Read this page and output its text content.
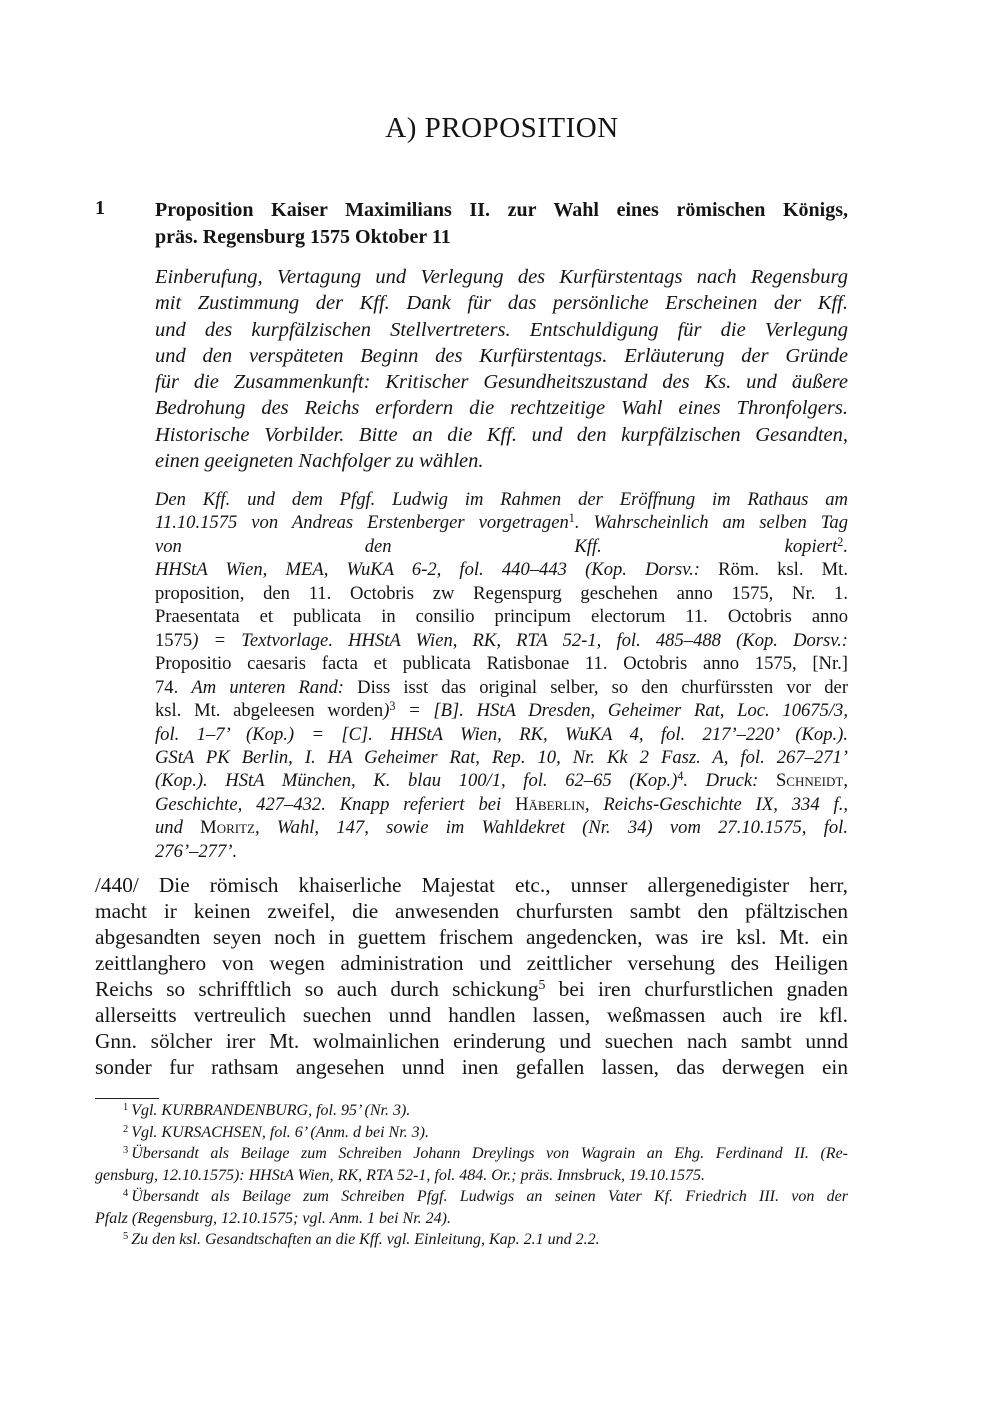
A) PROPOSITION
1	Proposition Kaiser Maximilians II. zur Wahl eines römischen Königs,
präs. Regensburg 1575 Oktober 11
Einberufung, Vertagung und Verlegung des Kurfürstentags nach Regensburg
mit Zustimmung der Kff. Dank für das persönliche Erscheinen der Kff.
und des kurpfälzischen Stellvertreters. Entschuldigung für die Verlegung
und den verspäteten Beginn des Kurfürstentags. Erläuterung der Gründe
für die Zusammenkunft: Kritischer Gesundheitszustand des Ks. und äußere
Bedrohung des Reichs erfordern die rechtzeitige Wahl eines Thronfolgers.
Historische Vorbilder. Bitte an die Kff. und den kurpfälzischen Gesandten,
einen geeigneten Nachfolger zu wählen.
Den Kff. und dem Pfgf. Ludwig im Rahmen der Eröffnung im Rathaus am
11.10.1575 von Andreas Erstenberger vorgetragen$^1$. Wahrscheinlich am selben Tag
von den Kff. kopiert$^2$.
HHStA Wien, MEA, WuKA 6-2, fol. 440–443 (Kop. Dorsv.: Röm. ksl. Mt.
proposition, den 11. Octobris zw Regenspurg geschehen anno 1575, Nr. 1.
Praesentata et publicata in consilio principum electorum 11. Octobris anno
1575) = Textvorlage. HHStA Wien, RK, RTA 52-1, fol. 485–488 (Kop. Dorsv.:
Propositio caesaris facta et publicata Ratisbonae 11. Octobris anno 1575, [Nr.]
74. Am unteren Rand: Diss isst das original selber, so den churfürssten vor der
ksl. Mt. abgeleesen worden)$^3$ = [B]. HStA Dresden, Geheimer Rat, Loc. 10675/3,
fol. 1–7’ (Kop.) = [C]. HHStA Wien, RK, WuKA 4, fol. 217’–220’ (Kop.).
GStA PK Berlin, I. HA Geheimer Rat, Rep. 10, Nr. Kk 2 Fasz. A, fol. 267–271’
(Kop.). HStA München, K. blau 100/1, fol. 62–65 $(Kop.)^4$. Druck: Schneidt,
Geschichte, 427–432. Knapp referiert bei Häberlin, Reichs-Geschichte IX, 334 f.,
und Moritz, Wahl, 147, sowie im Wahldekret (Nr. 34) vom 27.10.1575, fol.
276’–277’.
/440/ Die römisch khaiserliche Majestat etc., unnser allergenedigister herr,
macht ir keinen zweifel, die anwesenden churfursten sambt den pfältzischen
abgesandten seyen noch in guettem frischem angedencken, was ire ksl. Mt. ein
zeittlanghero von wegen administration und zeittlicher versehung des Heiligen
Reichs so schrifftlich so auch durch schickung$^5$ bei iren churfurstlichen gnaden
allerseitts vertreulich suechen unnd handlen lassen, weßmassen auch ire kfl.
Gnn. sölcher irer Mt. wolmainlichen erinderung und suechen nach sambt unnd
sonder fur rathsam angesehen unnd inen gefallen lassen, das derwegen ein
$^1$ Vgl. KURBRANDENBURG, fol. 95’ (Nr. 3).
$^2$ Vgl. KURSACHSEN, fol. 6’ (Anm. d bei Nr. 3).
$^3$ Übersandt als Beilage zum Schreiben Johann Dreylings von Wagrain an Ehg. Ferdinand II. (Re-
gensburg, 12.10.1575): HHStA Wien, RK, RTA 52-1, fol. 484. Or.; präs. Innsbruck, 19.10.1575.
$^4$ Übersandt als Beilage zum Schreiben Pfgf. Ludwigs an seinen Vater Kf. Friedrich III. von der
Pfalz (Regensburg, 12.10.1575; vgl. Anm. 1 bei Nr. 24).
$^5$ Zu den ksl. Gesandtschaften an die Kff. vgl. Einleitung, Kap. 2.1 und 2.2.
